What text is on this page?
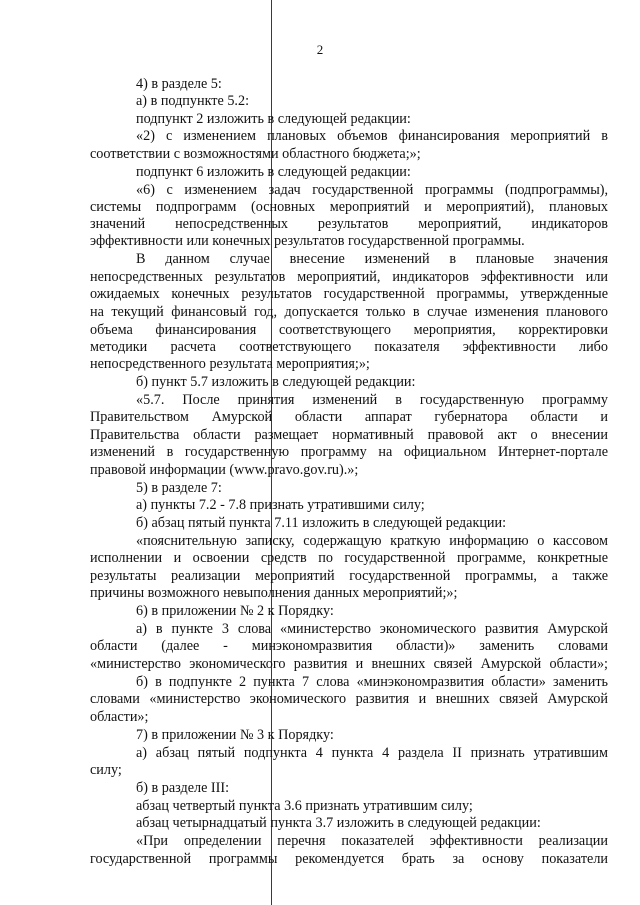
2
4) в разделе 5:
а) в подпункте 5.2:
подпункт 2 изложить в следующей редакции:
«2) с изменением плановых объемов финансирования мероприятий в
соответствии с возможностями областного бюджета;»;
подпункт 6 изложить в следующей редакции:
«6) с изменением задач государственной программы (подпрограммы),
системы подпрограмм (основных мероприятий и мероприятий), плановых
значений непосредственных результатов мероприятий, индикаторов
эффективности или конечных результатов государственной программы.
В данном случае внесение изменений в плановые значения
непосредственных результатов мероприятий, индикаторов эффективности или
ожидаемых конечных результатов государственной программы, утвержденные
на текущий финансовый год, допускается только в случае изменения планового
объема финансирования соответствующего мероприятия, корректировки
методики расчета соответствующего показателя эффективности либо
непосредственного результата мероприятия;»;
б) пункт 5.7 изложить в следующей редакции:
«5.7. После принятия изменений в государственную программу
Правительством Амурской области аппарат губернатора области и
Правительства области размещает нормативный правовой акт о внесении
изменений в государственную программу на официальном Интернет-портале
правовой информации (www.pravo.gov.ru).»;
5) в разделе 7:
а) пункты 7.2 - 7.8 признать утратившими силу;
б) абзац пятый пункта 7.11 изложить в следующей редакции:
«пояснительную записку, содержащую краткую информацию о кассовом
исполнении и освоении средств по государственной программе, конкретные
результаты реализации мероприятий государственной программы, а также
причины возможного невыполнения данных мероприятий;»;
6) в приложении № 2 к Порядку:
а) в пункте 3 слова «министерство экономического развития Амурской
области (далее - минэкономразвития области)» заменить словами
«министерство экономического развития и внешних связей Амурской области»;
б) в подпункте 2 пункта 7 слова «минэкономразвития области» заменить
словами «министерство экономического развития и внешних связей Амурской
области»;
7) в приложении № 3 к Порядку:
а) абзац пятый подпункта 4 пункта 4 раздела II признать утратившим
силу;
б) в разделе III:
абзац четвертый пункта 3.6 признать утратившим силу;
абзац четырнадцатый пункта 3.7 изложить в следующей редакции:
«При определении перечня показателей эффективности реализации
государственной программы рекомендуется брать за основу показатели
